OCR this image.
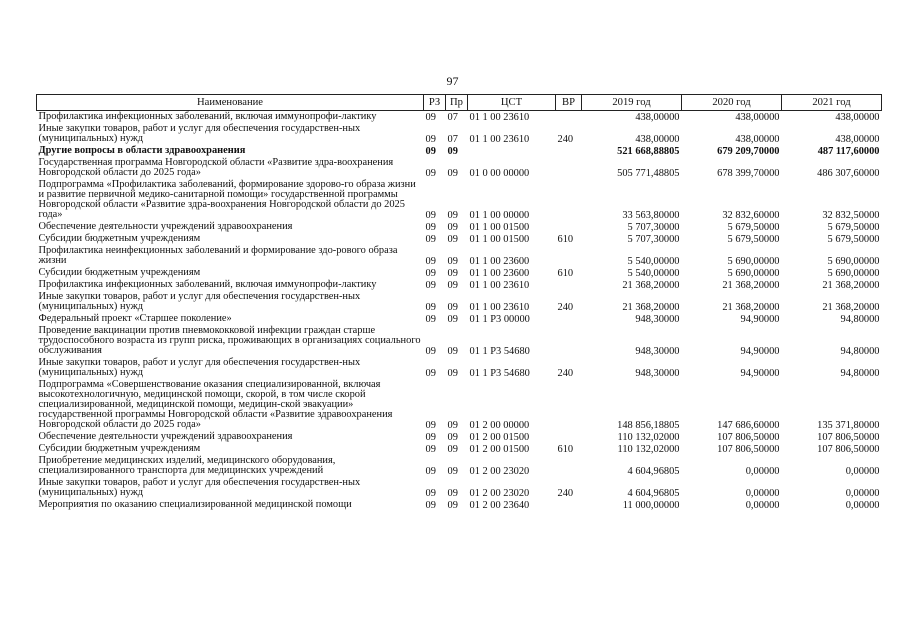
97
Наименование	РЗ	Пр	ЦСТ	ВР	2019 год	2020 год	2021 год
Профилактика инфекционных заболеваний, включая иммунопрофи-лактику	09	07	01 1 00 23610		438,00000	438,00000	438,00000
Иные закупки товаров, работ и услуг для обеспечения государствен-ных (муниципальных) нужд	09	07	01 1 00 23610	240	438,00000	438,00000	438,00000
Другие вопросы в области здравоохранения	09	09			521 668,88805	679 209,70000	487 117,60000
Государственная программа Новгородской области «Развитие здра-воохранения Новгородской области до 2025 года»	09	09	01 0 00 00000		505 771,48805	678 399,70000	486 307,60000
Подпрограмма «Профилактика заболеваний, формирование здорово-го образа жизни и развитие первичной медико-санитарной помощи» государственной программы Новгородской области «Развитие здра-воохранения Новгородской области до 2025 года»	09	09	01 1 00 00000		33 563,80000	32 832,60000	32 832,50000
Обеспечение деятельности учреждений здравоохранения	09	09	01 1 00 01500		5 707,30000	5 679,50000	5 679,50000
Субсидии бюджетным учреждениям	09	09	01 1 00 01500	610	5 707,30000	5 679,50000	5 679,50000
Профилактика неинфекционных заболеваний и формирование здо-рового образа жизни	09	09	01 1 00 23600		5 540,00000	5 690,00000	5 690,00000
Субсидии бюджетным учреждениям	09	09	01 1 00 23600	610	5 540,00000	5 690,00000	5 690,00000
Профилактика инфекционных заболеваний, включая иммунопрофи-лактику	09	09	01 1 00 23610		21 368,20000	21 368,20000	21 368,20000
Иные закупки товаров, работ и услуг для обеспечения государствен-ных (муниципальных) нужд	09	09	01 1 00 23610	240	21 368,20000	21 368,20000	21 368,20000
Федеральный проект «Старшее поколение»	09	09	01 1 P3 00000		948,30000	94,90000	94,80000
Проведение вакцинации против пневмококковой инфекции граждан старше трудоспособного возраста из групп риска, проживающих в организациях социального обслуживания	09	09	01 1 P3 54680		948,30000	94,90000	94,80000
Иные закупки товаров, работ и услуг для обеспечения государствен-ных (муниципальных) нужд	09	09	01 1 P3 54680	240	948,30000	94,90000	94,80000
Подпрограмма «Совершенствование оказания специализированной, включая высокотехнологичную, медицинской помощи, скорой, в том числе скорой специализированной, медицинской помощи, медицин-ской эвакуации» государственной программы Новгородской области «Развитие здравоохранения Новгородской области до 2025 года»	09	09	01 2 00 00000		148 856,18805	147 686,60000	135 371,80000
Обеспечение деятельности учреждений здравоохранения	09	09	01 2 00 01500		110 132,02000	107 806,50000	107 806,50000
Субсидии бюджетным учреждениям	09	09	01 2 00 01500	610	110 132,02000	107 806,50000	107 806,50000
Приобретение медицинских изделий, медицинского оборудования, специализированного транспорта для медицинских учреждений	09	09	01 2 00 23020		4 604,96805	0,00000	0,00000
Иные закупки товаров, работ и услуг для обеспечения государствен-ных (муниципальных) нужд	09	09	01 2 00 23020	240	4 604,96805	0,00000	0,00000
Мероприятия по оказанию специализированной медицинской помощи	09	09	01 2 00 23640		11 000,00000	0,00000	0,00000
